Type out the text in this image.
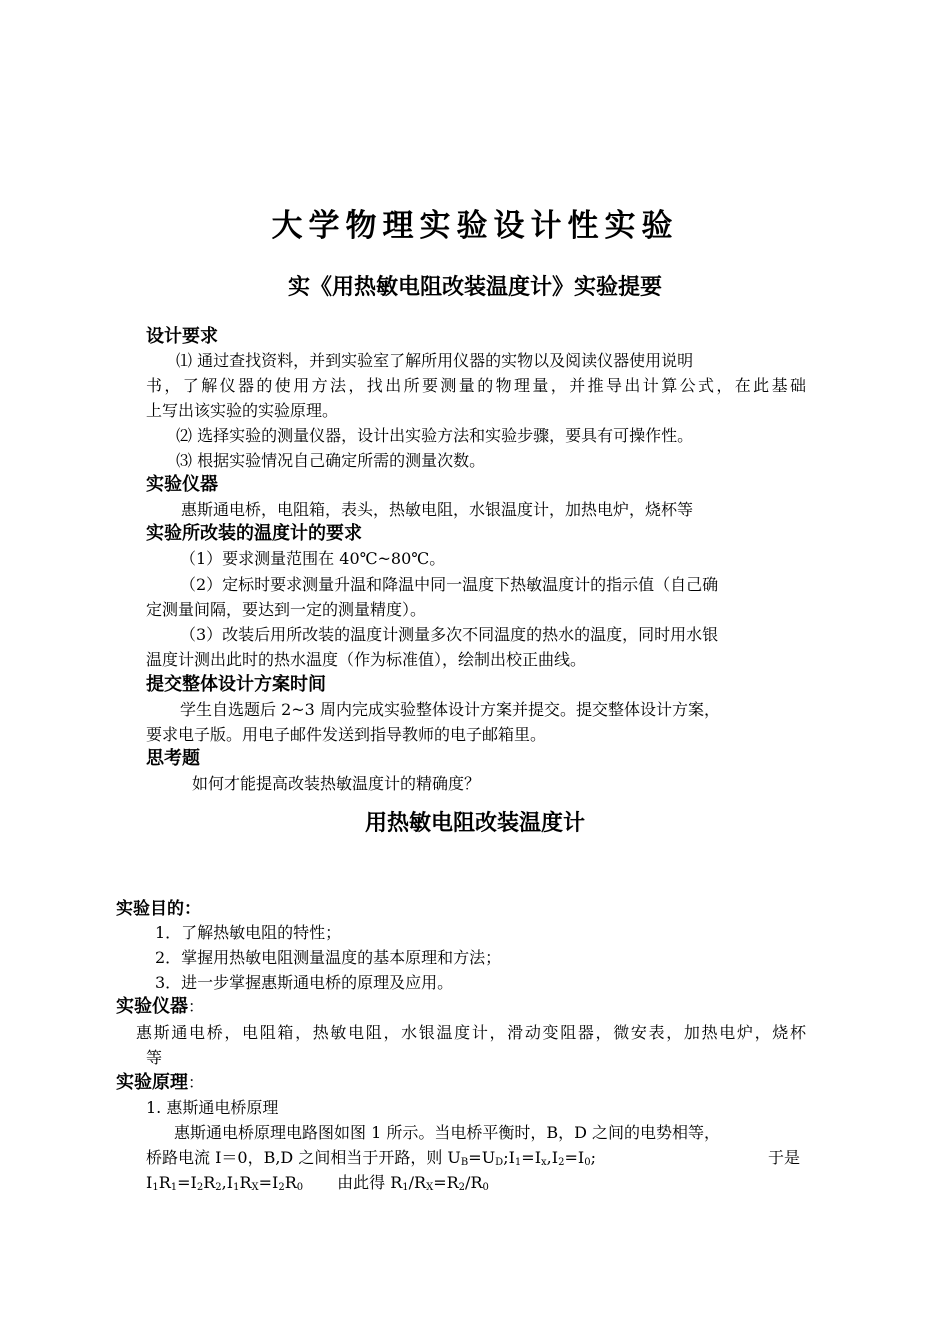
大学物理实验设计性实验
实《用热敏电阻改装温度计》实验提要
设计要求
⑴ 通过查找资料，并到实验室了解所用仪器的实物以及阅读仪器使用说明
书，了解仪器的使用方法，找出所要测量的物理量，并推导出计算公式，在此基础
上写出该实验的实验原理。
⑵ 选择实验的测量仪器，设计出实验方法和实验步骤，要具有可操作性。
⑶ 根据实验情况自己确定所需的测量次数。
实验仪器
惠斯通电桥，电阻箱，表头，热敏电阻，水银温度计，加热电炉，烧杯等
实验所改装的温度计的要求
（1）要求测量范围在 40℃~80℃。
（2）定标时要求测量升温和降温中同一温度下热敏温度计的指示值（自己确
定测量间隔，要达到一定的测量精度）。
（3）改装后用所改装的温度计测量多次不同温度的热水的温度，同时用水银
温度计测出此时的热水温度（作为标准值），绘制出校正曲线。
提交整体设计方案时间
学生自选题后 2~3 周内完成实验整体设计方案并提交。提交整体设计方案，
要求电子版。用电子邮件发送到指导教师的电子邮箱里。
思考题
如何才能提高改装热敏温度计的精确度？
用热敏电阻改装温度计
实验目的：
1．了解热敏电阻的特性；
2．掌握用热敏电阻测量温度的基本原理和方法；
3．进一步掌握惠斯通电桥的原理及应用。
实验仪器：
惠斯通电桥，电阻箱，热敏电阻，水银温度计，滑动变阻器，微安表，加热电炉，烧杯
等
实验原理：
1. 惠斯通电桥原理
惠斯通电桥原理电路图如图 1 所示。当电桥平衡时，B，D 之间的电势相等，
桥路电流 I＝0，B,D 之间相当于开路，则 $U_B=U_D;I_1=I_x,I_2=I_0$;	于是
$I_1R_1=I_2R_2,I_1R_X=I_2R_0$ 由此得 $R_1/R_X=R_2/R_0$
